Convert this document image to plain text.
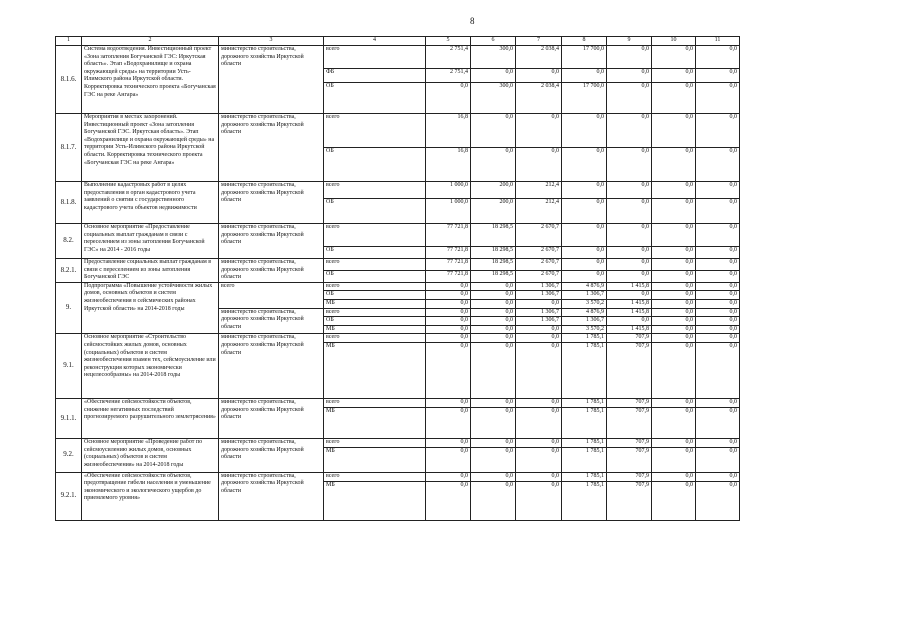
8
1	2	3	4	5	6	7	8	9	10	11
8.1.6.	Система водоотведения. Инвестиционный проект «Зона затопления Богучанской ГЭС: Иркутская область». Этап «Водохранилище и охрана окружающей среды» на территории Усть-Илимского района Иркутской области. Корректировка технического проекта «Богучанская ГЭС на реке Ангара»	министерство строительства, дорожного хозяйства Иркутской области	всего	2 751,4	300,0	2 038,4	17 700,0	0,0	0,0	0,0
			ФБ	2 751,4	0,0	0,0	0,0	0,0	0,0	0,0
			ОБ	0,0	300,0	2 038,4	17 700,0	0,0	0,0	0,0
8.1.7.	Мероприятия в местах захоронений. Инвестиционный проект «Зона затопления Богучанской ГЭС. Иркутская область». Этап «Водохранилище и охрана окружающей среды» на территории Усть-Илимского района Иркутской области. Корректировка технического проекта «Богучанская ГЭС на реке Ангара»	министерство строительства, дорожного хозяйства Иркутской области	всего	16,8	0,0	0,0	0,0	0,0	0,0	0,0
			ОБ	16,8	0,0	0,0	0,0	0,0	0,0	0,0
8.1.8.	Выполнение кадастровых работ в целях предоставления в орган кадастрового учета заявлений о снятии с государственного кадастрового учета объектов недвижимости	министерство строительства, дорожного хозяйства Иркутской области	всего	1 000,0	200,0	212,4	0,0	0,0	0,0	0,0
			ОБ	1 000,0	200,0	212,4	0,0	0,0	0,0	0,0
8.2.	Основное мероприятие «Предоставление социальных выплат гражданам в связи с переселением из зоны затопления Богучанской ГЭС» на 2014 - 2016 годы	министерство строительства, дорожного хозяйства Иркутской области	всего	77 721,8	18 298,5	2 670,7	0,0	0,0	0,0	0,0
			ОБ	77 721,8	18 298,5	2 670,7	0,0	0,0	0,0	0,0
8.2.1.	Предоставление социальных выплат гражданам в связи с переселением из зоны затопления Богучанской ГЭС	министерство строительства, дорожного хозяйства Иркутской области	всего	77 721,8	18 298,5	2 670,7	0,0	0,0	0,0	0,0
			ОБ	77 721,8	18 298,5	2 670,7	0,0	0,0	0,0	0,0
9.	Подпрограмма «Повышение устойчивости жилых домов, основных объектов и систем жизнеобеспечения в сейсмических районах Иркутской области» на 2014-2018 годы	всего	всего	0,0	0,0	1 306,7	4 876,9	1 415,8	0,0	0,0
			ОБ	0,0	0,0	1 306,7	1 306,7	0,0	0,0	0,0
			МБ	0,0	0,0	0,0	3 570,2	1 415,8	0,0	0,0
		министерство строительства, дорожного хозяйства Иркутской области	всего	0,0	0,0	1 306,7	4 876,9	1 415,8	0,0	0,0
			ОБ	0,0	0,0	1 306,7	1 306,7	0,0	0,0	0,0
			МБ	0,0	0,0	0,0	3 570,2	1 415,8	0,0	0,0
9.1.	Основное мероприятие «Строительство сейсмостойких жилых домов, основных (социальных) объектов и систем жизнеобеспечения взамен тех, сейсмоусиление или реконструкция которых экономически нецелесообразны» на 2014-2018 годы	министерство строительства, дорожного хозяйства Иркутской области	всего	0,0	0,0	0,0	1 785,1	707,9	0,0	0,0
			МБ	0,0	0,0	0,0	1 785,1	707,9	0,0	0,0
9.1.1.	«Обеспечение сейсмостойкости объектов, снижение негативных последствий прогнозируемого разрушительного землетрясения»	министерство строительства, дорожного хозяйства Иркутской области	всего	0,0	0,0	0,0	1 785,1	707,9	0,0	0,0
			МБ	0,0	0,0	0,0	1 785,1	707,9	0,0	0,0
9.2.	Основное мероприятие «Проведение работ по сейсмоусилению жилых домов, основных (социальных) объектов и систем жизнеобеспечения» на 2014-2018 годы	министерство строительства, дорожного хозяйства Иркутской области	всего	0,0	0,0	0,0	1 785,1	707,9	0,0	0,0
			МБ	0,0	0,0	0,0	1 785,1	707,9	0,0	0,0
9.2.1.	«Обеспечение сейсмостойкости объектов, предотвращение гибели населения и уменьшение экономического и экологического ущербов до приемлемого уровня»	министерство строительства, дорожного хозяйства Иркутской области	всего	0,0	0,0	0,0	1 785,1	707,9	0,0	0,0
			МБ	0,0	0,0	0,0	1 785,1	707,9	0,0	0,0
